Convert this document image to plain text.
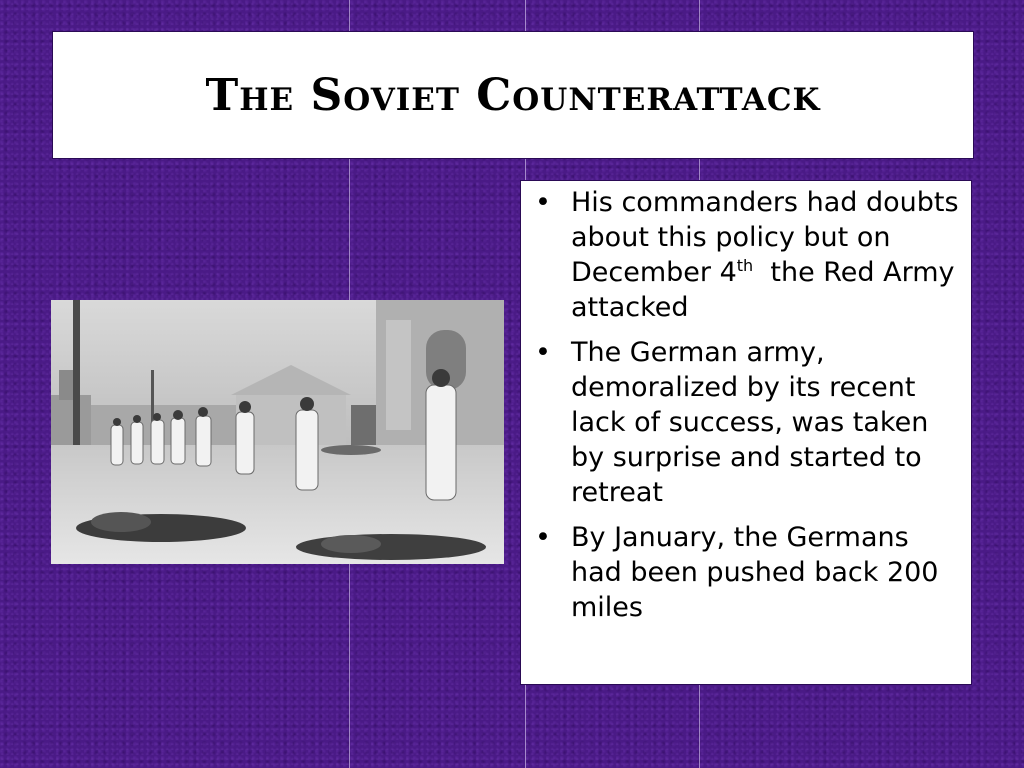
The Soviet Counterattack
• His commanders had doubts about this policy but on December 4th  the Red Army attacked
• The German army, demoralized by its recent lack of success, was taken by surprise and started to retreat
• By January, the Germans had been pushed back 200 miles
